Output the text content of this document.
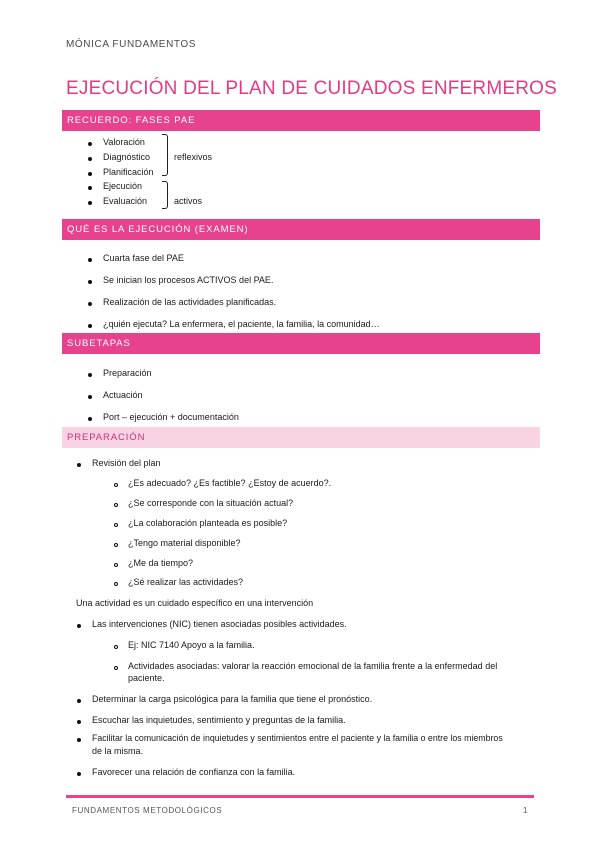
MÓNICA FUNDAMENTOS
EJECUCIÓN DEL PLAN DE CUIDADOS ENFERMEROS
RECUERDO: FASES PAE
Valoración
Diagnóstico
Planificación
Ejecución
Evaluación
reflexivos
activos
QUÉ ES LA EJECUCIÓN (EXAMEN)
Cuarta fase del PAE
Se inician los procesos ACTIVOS del PAE.
Realización de las actividades planificadas.
¿quién ejecuta? La enfermera, el paciente, la familia, la comunidad…
SUBETAPAS
Preparación
Actuación
Port – ejecución + documentación
PREPARACIÓN
Revisión del plan
¿Es adecuado? ¿Es factible? ¿Estoy de acuerdo?.
¿Se corresponde con la situación actual?
¿La colaboración planteada es posible?
¿Tengo material disponible?
¿Me da tiempo?
¿Sé realizar las actividades?
Una actividad es un cuidado específico en una intervención
Las intervenciones (NIC) tienen asociadas posibles actividades.
Ej: NIC 7140 Apoyo a la familia.
Actividades asociadas: valorar la reacción emocional de la familia frente a la enfermedad del
paciente.
Determinar la carga psicológica para la familia que tiene el pronóstico.
Escuchar las inquietudes, sentimiento y preguntas de la familia.
Facilitar la comunicación de inquietudes y sentimientos entre el paciente y la familia o entre los miembros
de la misma.
Favorecer una relación de confianza con la familia.
FUNDAMENTOS METODOLÓGICOS	1
